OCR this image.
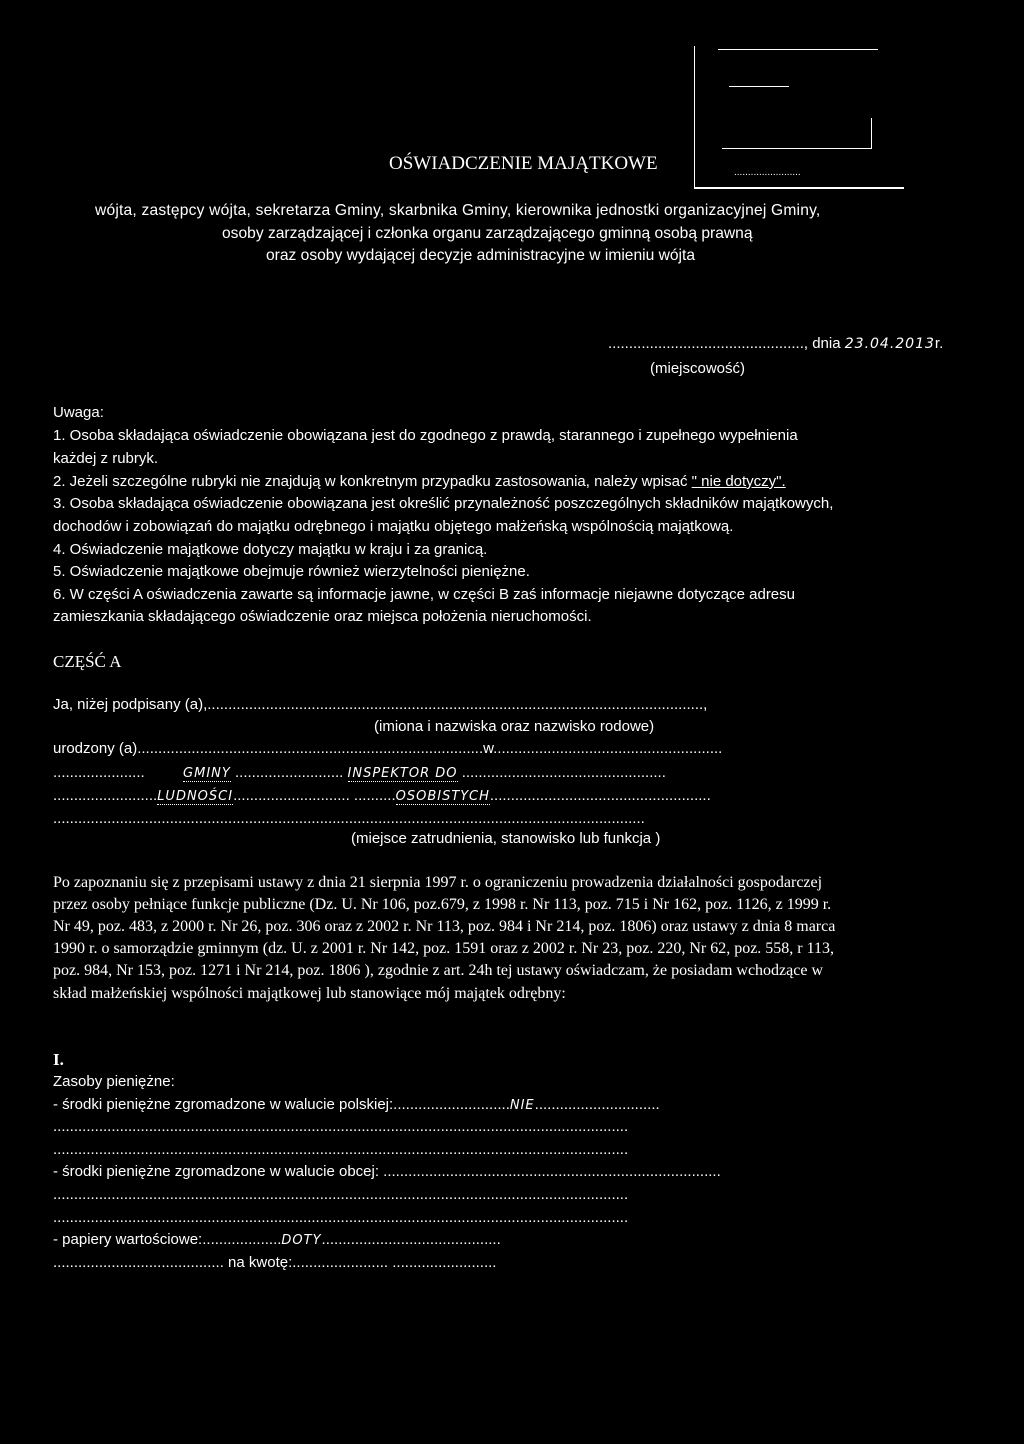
........................
OŚWIADCZENIE MAJĄTKOWE
wójta, zastępcy wójta, sekretarza Gminy, skarbnika Gminy, kierownika jednostki organizacyjnej Gminy,
osoby zarządzającej i członka organu zarządzającego gminną osobą prawną
oraz osoby wydającej decyzje administracyjne w imieniu wójta
..............................................., dnia 23.04.2013r.
(miejscowość)
Uwaga:
1. Osoba składająca oświadczenie obowiązana jest do zgodnego z prawdą, starannego i zupełnego wypełnienia
każdej z rubryk.
2. Jeżeli szczególne rubryki nie znajdują w konkretnym przypadku zastosowania, należy wpisać " nie dotyczy".
3. Osoba składająca oświadczenie obowiązana jest określić przynależność poszczególnych składników majątkowych,
dochodów i zobowiązań do majątku odrębnego i majątku objętego małżeńską wspólnością majątkową.
4. Oświadczenie majątkowe dotyczy majątku w kraju i za granicą.
5. Oświadczenie majątkowe obejmuje również wierzytelności pieniężne.
6. W części A oświadczenia zawarte są informacje jawne, w części B zaś informacje niejawne dotyczące adresu
zamieszkania składającego oświadczenie oraz miejsca położenia nieruchomości.
CZĘŚĆ A
Ja, niżej podpisany (a),.......................................................................................................................,
(imiona i nazwiska oraz nazwisko rodowe)
urodzony (a)...................................................................................w.......................................................
......................	GMINY .......................... INSPEKTOR DO .................................................
.........................LUDNOŚCI............................ ..........OSOBISTYCH.....................................................
..............................................................................................................................................
(miejsce zatrudnienia, stanowisko lub funkcja )
Po zapoznaniu się z przepisami ustawy z dnia 21 sierpnia 1997 r. o ograniczeniu prowadzenia działalności gospodarczej
przez osoby pełniące funkcje publiczne (Dz. U. Nr 106, poz.679, z 1998 r. Nr 113, poz. 715 i Nr 162, poz. 1126, z 1999 r.
Nr 49, poz. 483, z 2000 r. Nr 26, poz. 306 oraz z 2002 r. Nr 113, poz. 984 i Nr 214, poz. 1806) oraz ustawy z dnia 8 marca
1990 r. o samorządzie gminnym (dz. U. z 2001 r. Nr 142, poz. 1591 oraz z 2002 r. Nr 23, poz. 220, Nr 62, poz. 558, r 113,
poz. 984, Nr 153, poz. 1271 i Nr 214, poz. 1806 ), zgodnie z art. 24h tej ustawy oświadczam, że posiadam wchodzące w
skład małżeńskiej wspólności majątkowej lub stanowiące mój majątek odrębny:
I.
Zasoby pieniężne:
- środki pieniężne zgromadzone w walucie polskiej:............................NIE..............................
..........................................................................................................................................
..........................................................................................................................................
- środki pieniężne zgromadzone w walucie obcej: .................................................................................
..........................................................................................................................................
..........................................................................................................................................
- papiery wartościowe:...................DOTY...........................................
......................................... na kwotę:....................... .........................
